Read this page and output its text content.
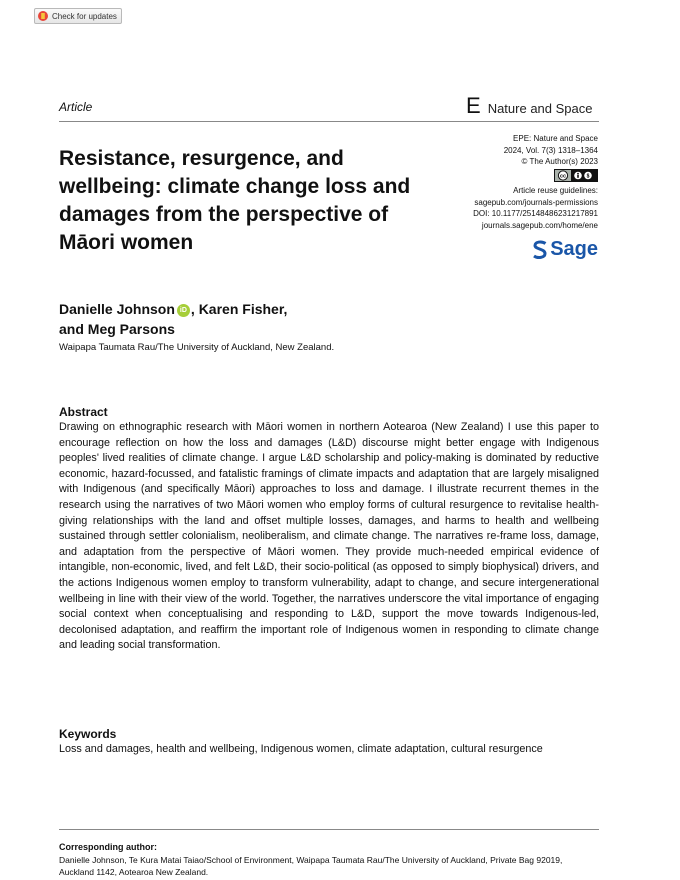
Check for updates
Article	E Nature and Space
Resistance, resurgence, and wellbeing: climate change loss and damages from the perspective of Māori women
EPE: Nature and Space
2024, Vol. 7(3) 1318–1364
© The Author(s) 2023
cc	$
Article reuse guidelines:
sagepub.com/journals-permissions
DOI: 10.1177/25148486231217891
journals.sagepub.com/home/ene
Sage
Danielle Johnson iD , Karen Fisher,
and Meg Parsons
Waipapa Taumata Rau/The University of Auckland, New Zealand.
Abstract
Drawing on ethnographic research with Māori women in northern Aotearoa (New Zealand) I use this paper to encourage reflection on how the loss and damages (L&D) discourse might better engage with Indigenous peoples' lived realities of climate change. I argue L&D scholarship and policy-making is dominated by reductive economic, hazard-focussed, and fatalistic framings of climate impacts and adaptation that are largely misaligned with Indigenous (and specifically Māori) approaches to loss and damage. I illustrate recurrent themes in the research using the narratives of two Māori women who employ forms of cultural resurgence to revitalise health-giving relationships with the land and offset multiple losses, damages, and harms to health and wellbeing sustained through settler colonialism, neoliberalism, and climate change. The narratives re-frame loss, damage, and adaptation from the perspective of Māori women. They provide much-needed empirical evidence of intangible, non-economic, lived, and felt L&D, their socio-political (as opposed to simply biophysical) drivers, and the actions Indigenous women employ to transform vulnerability, adapt to change, and secure intergenerational wellbeing in line with their view of the world. Together, the narratives underscore the vital importance of engaging social context when conceptualising and responding to L&D, support the move towards Indigenous-led, decolonised adaptation, and reaffirm the important role of Indigenous women in responding to climate change and leading social transformation.
Keywords
Loss and damages, health and wellbeing, Indigenous women, climate adaptation, cultural resurgence
Corresponding author:
Danielle Johnson, Te Kura Matai Taiao/School of Environment, Waipapa Taumata Rau/The University of Auckland, Private Bag 92019, Auckland 1142, Aotearoa New Zealand.
